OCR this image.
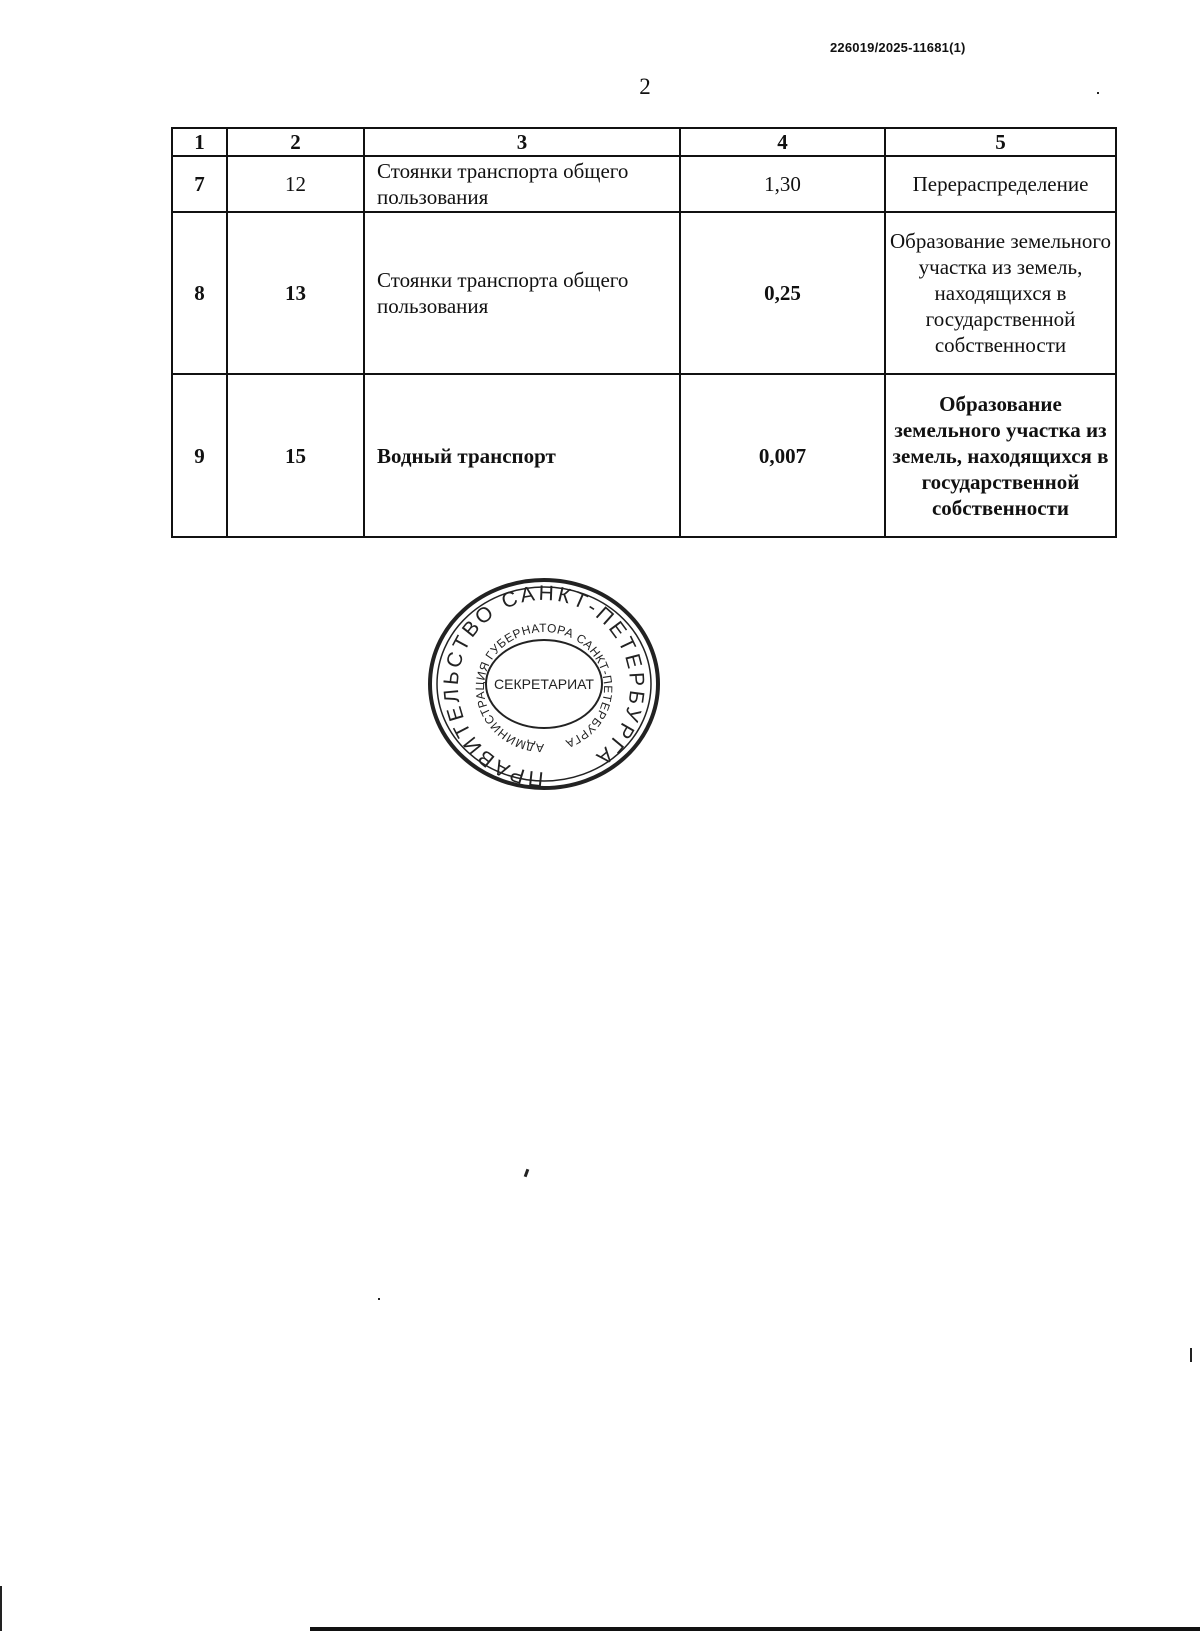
226019/2025-11681(1)
2
1	2	3	4	5
7	12	Стоянки транспорта общего пользования	1,30	Перераспределение
8	13	Стоянки транспорта общего пользования	0,25	Образование земельного участка из земель, находящихся в государственной собственности
9	15	Водный транспорт	0,007	Образование земельного участка из земель, находящихся в государственной собственности
ПРАВИТЕЛЬСТВО САНКТ-ПЕТЕРБУРГА
АДМИНИСТРАЦИЯ ГУБЕРНАТОРА САНКТ-ПЕТЕРБУРГА
СЕКРЕТАРИАТ
